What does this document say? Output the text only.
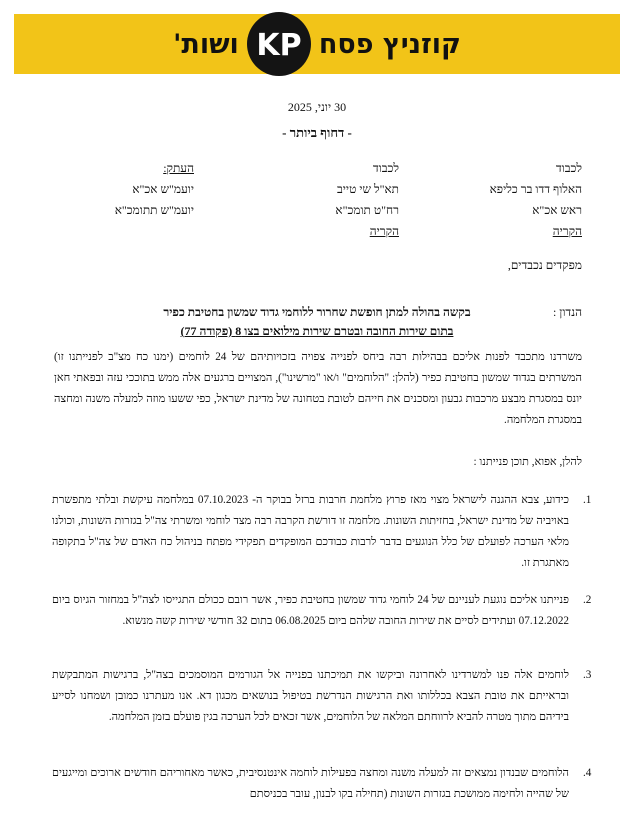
קוזניץ פסח
KP
ושות'
30 יוני, 2025
- דחוף ביותר -
לכבוד
האלוף דדו בר כליפא
ראש אכ"א
הקריה
לכבוד
תא"ל שי טייב
רח"ט תומכ"א
הקריה
העתק:
יועמ"ש אכ"א
יועמ"ש תתומכ"א
מפקדים נכבדים,
הנדון :
בקשה בהולה למתן חופשת שחרור ללוחמי גדוד שמשון בחטיבת כפיר
בתום שירות החובה ובטרם שירות מילואים בצו 8 (פקודה 77)
משרדנו מתכבד לפנות אליכם בבהילות רבה ביחס לפנייה צפויה בזכויותיהם של 24 לוחמים (ימנו כח מצ"ב לפנייתנו זו) המשרתים בגדוד שמשון בחטיבת כפיר (להלן: "הלוחמים" ו/או "מרשינו"), המצויים ברגעים אלה ממש בתוככי עזה ובפאתי חאן יונס במסגרת מבצע מרכבות גבעון ומסכנים את חייהם לטובת בטחונה של מדינת ישראל, כפי ששעו מוזה למעלה משנה ומחצה במסגרת המלחמה.
להלן, אפוא, תוכן פנייתנו :
1.
כידוע, צבא ההגנה לישראל מצוי מאז פרוץ מלחמת חרבות ברזל בבוקר ה- 07.10.2023 במלחמה עיקשת ובלתי מתפשרת באויביה של מדינת ישראל, בחזיתות השונות. מלחמה זו דורשת הקרבה רבה מצד לוחמי ומשרתי צה"ל בגזרות השונות, וכולנו מלאי הערכה לפועלם של כלל הנוגעים בדבר לרבות כבודכם המופקדים תפקידי מפתח בניהול כח האדם של צה"ל בתקופה מאתגרת זו.
2.
פנייתנו אליכם נוגעת לעניינם של 24 לוחמי גדוד שמשון בחטיבת כפיר, אשר רובם ככולם התגייסו לצה"ל במחזור הגיוס ביום 07.12.2022 ועתידים לסיים את שירות החובה שלהם ביום 06.08.2025 בתום 32 חודשי שירות קשה מנשוא.
3.
לוחמים אלה פנו למשרדינו לאחרונה וביקשו את תמיכתנו בפנייה אל הגורמים המוסמכים בצה"ל, ברגישות המתבקשת ובראייתם את טובת הצבא בכללותו ואת הרגישות הנדרשת בטיפול בנושאים מכגון דא. אנו מעתרנו כמובן ושמחנו לסייע בידיהם מתוך מטרה להביא לרווחתם המלאה של הלוחמים, אשר זכאים לכל הערכה בגין פועלם בזמן המלחמה.
4.
הלוחמים שבנדון נמצאים זה למעלה משנה ומחצה בפעילות לוחמה אינטנסיבית, כאשר מאחוריהם חודשים ארוכים ומייגעים של שהייה ולחימה ממושכת בגזרות השונות (תחילה בקו לבנון, עובר בכניסתם
